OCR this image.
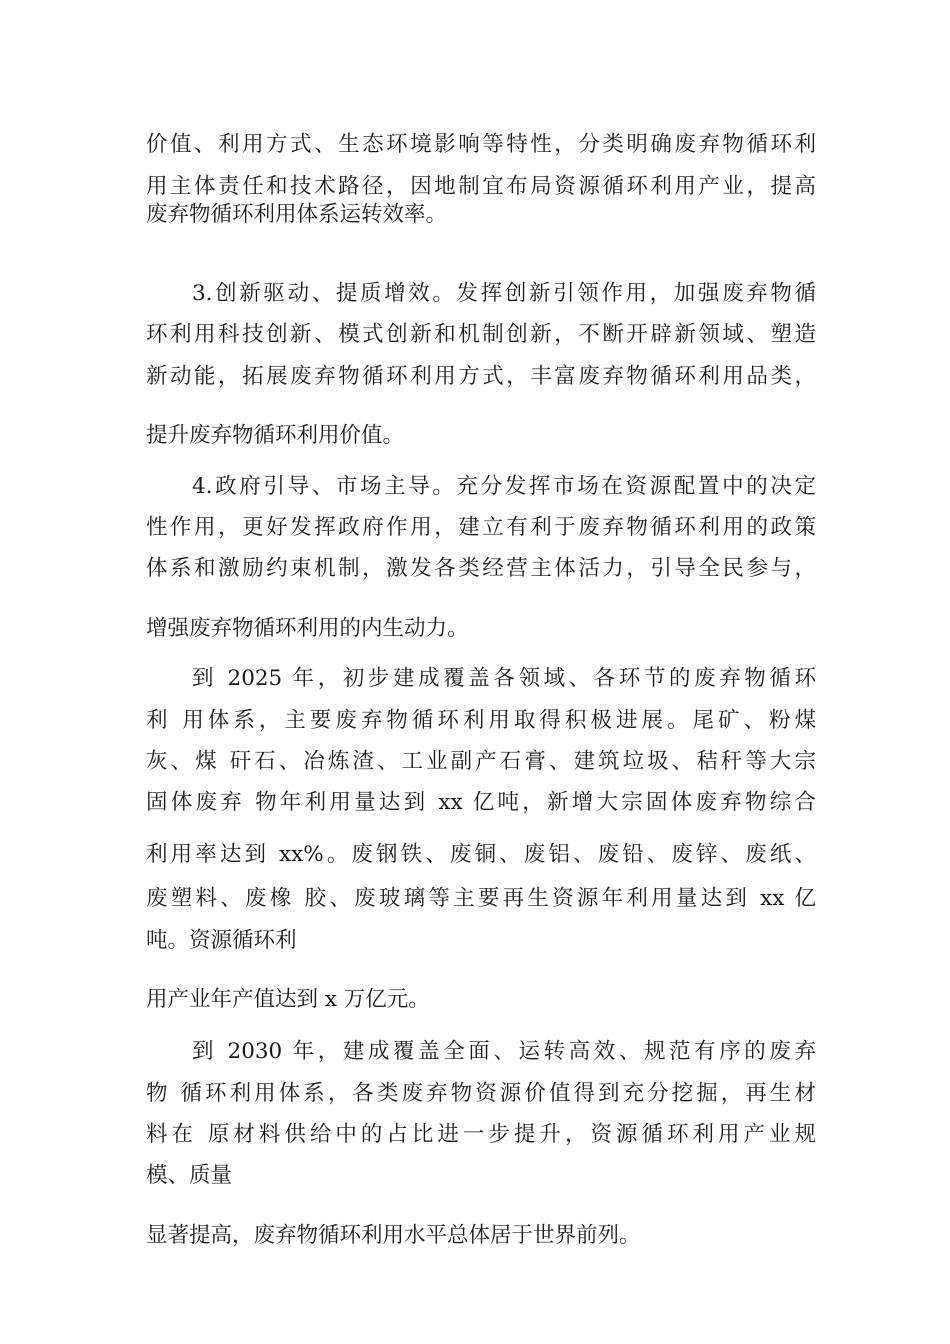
价值、利用方式、生态环境影响等特性，分类明确废弃物循环利

用主体责任和技术路径，因地制宜布局资源循环利用产业，提高

废弃物循环利用体系运转效率。

3.创新驱动、提质增效。发挥创新引领作用，加强废弃物循

环利用科技创新、模式创新和机制创新，不断开辟新领域、塑造

新动能，拓展废弃物循环利用方式，丰富废弃物循环利用品类，

提升废弃物循环利用价值。

4.政府引导、市场主导。充分发挥市场在资源配置中的决定

性作用，更好发挥政府作用，建立有利于废弃物循环利用的政策

体系和激励约束机制，激发各类经营主体活力，引导全民参与，

增强废弃物循环利用的内生动力。

到 2025 年，初步建成覆盖各领域、各环节的废弃物循环

利 用体系，主要废弃物循环利用取得积极进展。尾矿、粉煤

灰、煤 矸石、冶炼渣、工业副产石膏、建筑垃圾、秸秆等大宗

固体废弃 物年利用量达到 xx 亿吨，新增大宗固体废弃物综合

利用率达到 xx%。废钢铁、废铜、废铝、废铅、废锌、废纸、

废塑料、废橡 胶、废玻璃等主要再生资源年利用量达到 xx 亿

吨。资源循环利

用产业年产值达到 x 万亿元。

到 2030 年，建成覆盖全面、运转高效、规范有序的废弃

物 循环利用体系，各类废弃物资源价值得到充分挖掘，再生材

料在 原材料供给中的占比进一步提升，资源循环利用产业规

模、质量

显著提高，废弃物循环利用水平总体居于世界前列。
